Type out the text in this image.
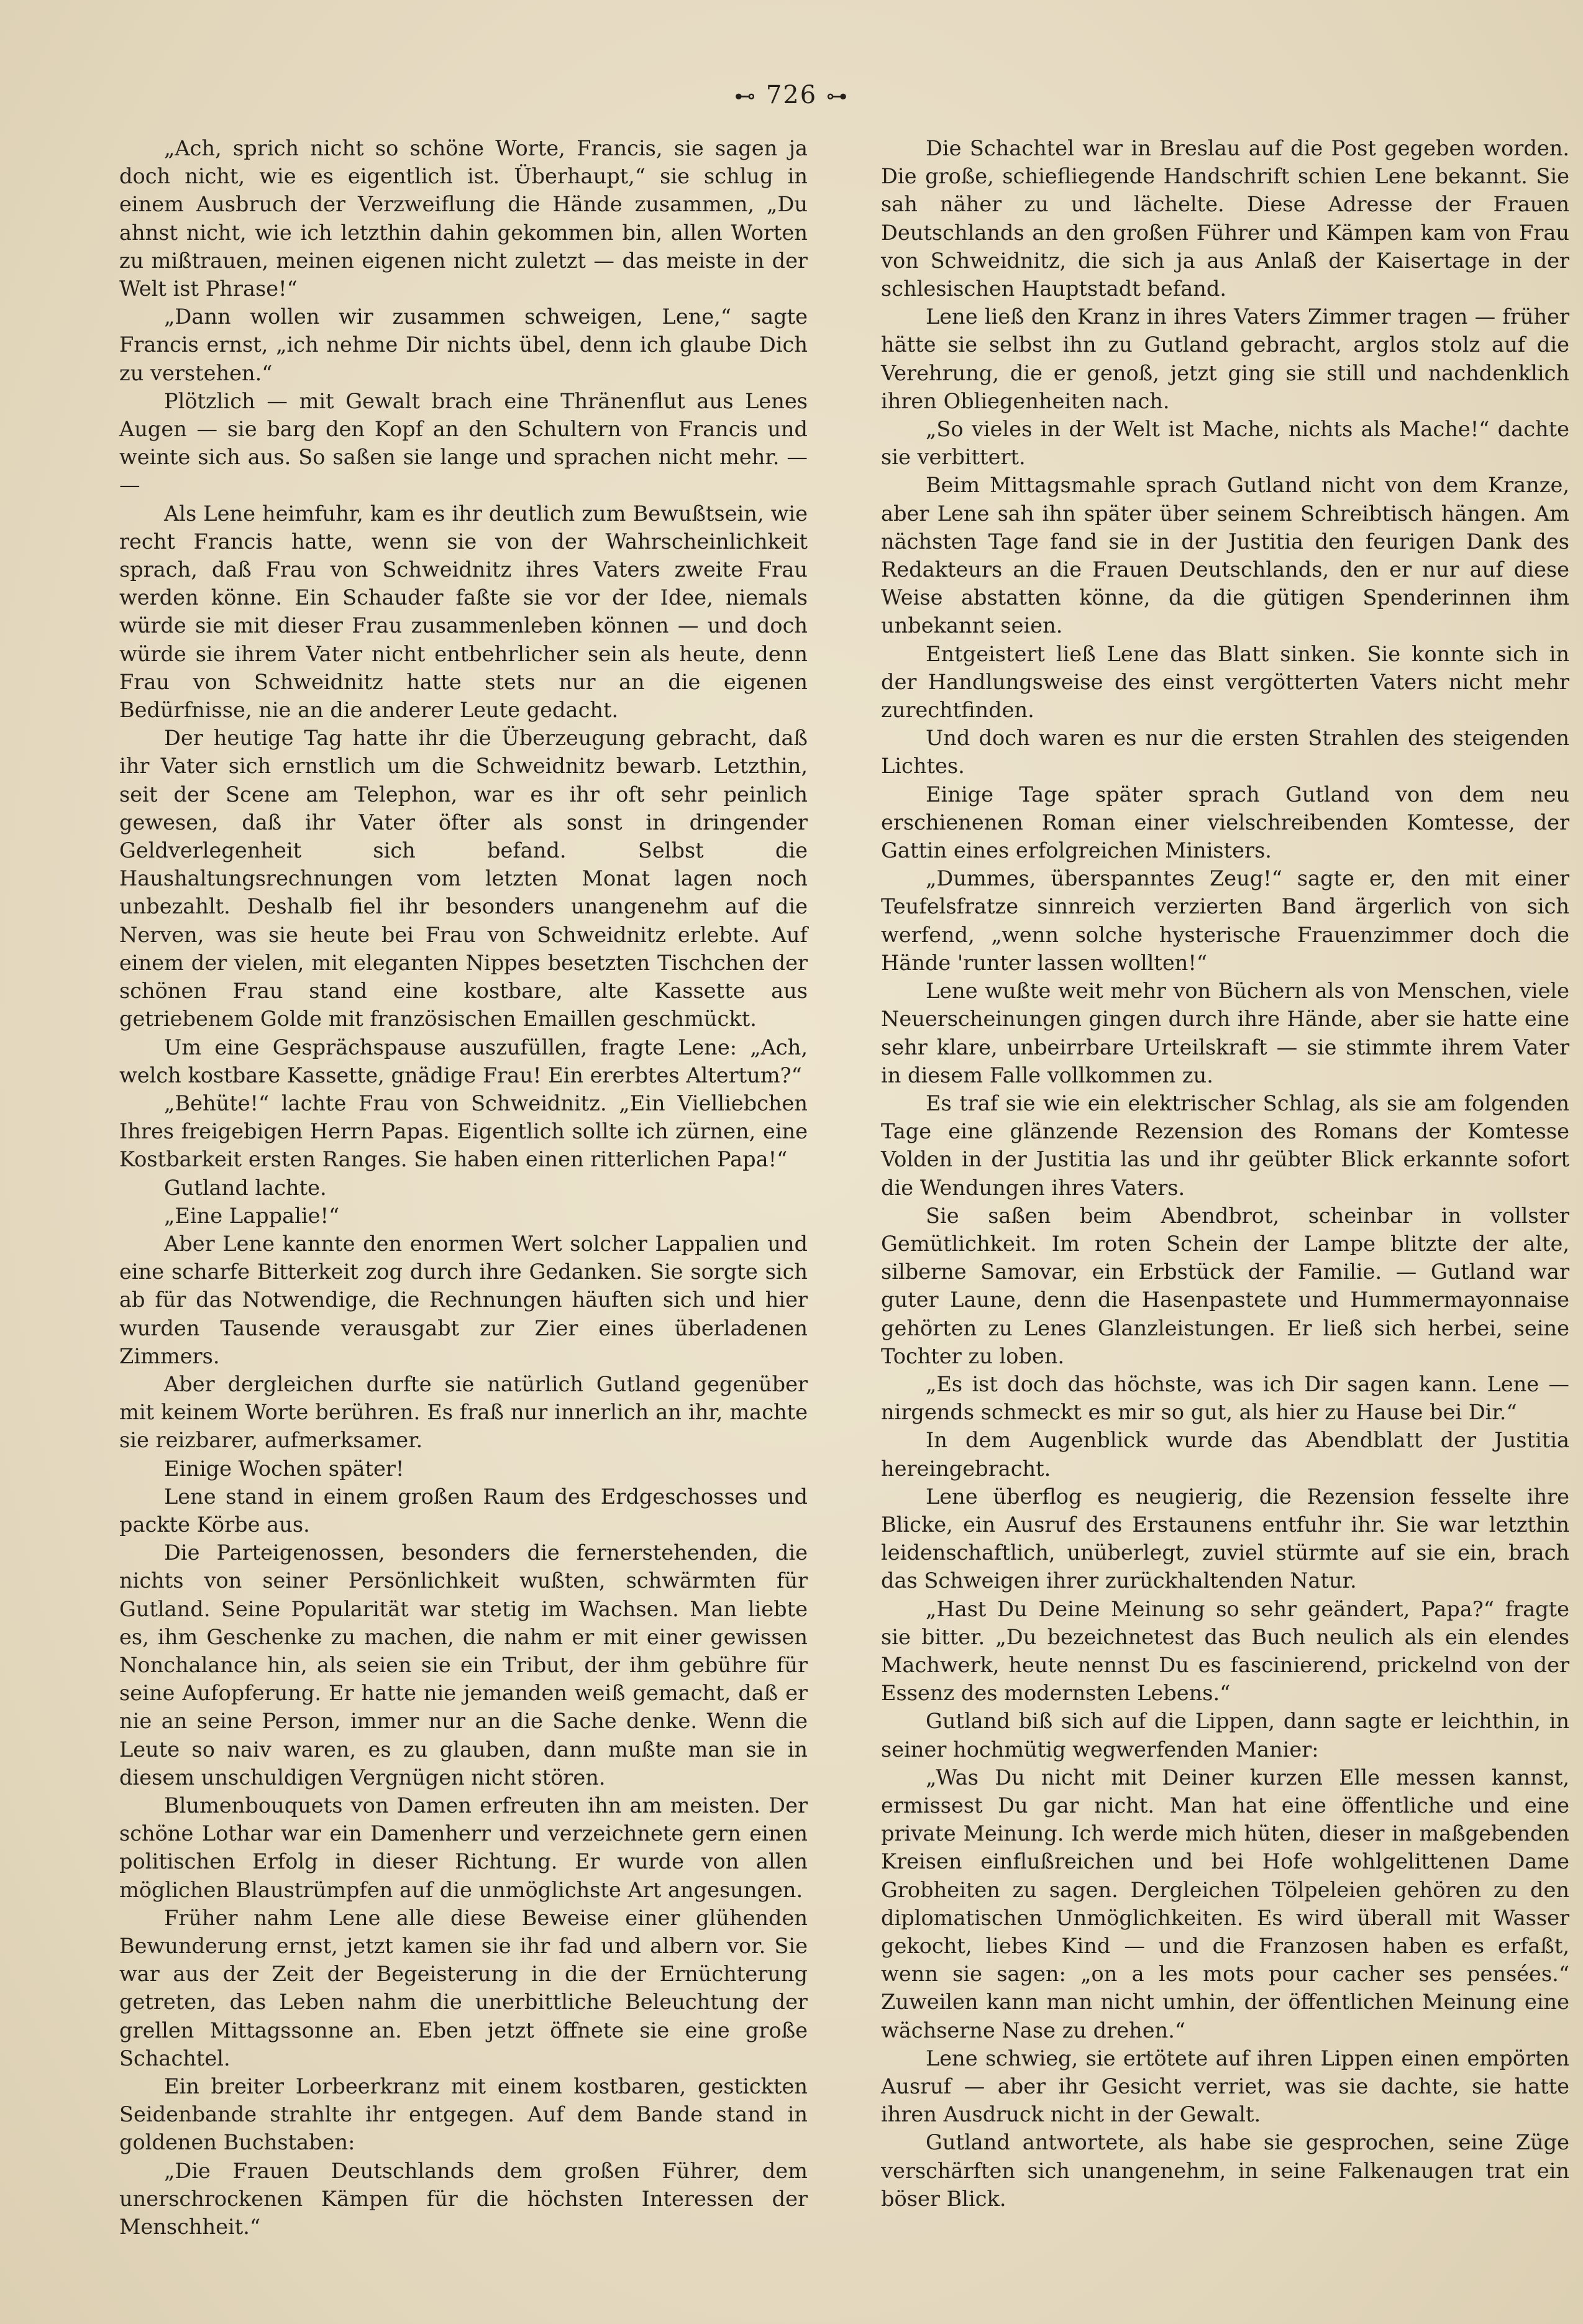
⊷ 726 ⊶

„Ach, sprich nicht so schöne Worte, Francis, sie sagen ja doch nicht, wie es eigentlich ist. Überhaupt,“ sie schlug in einem Ausbruch der Verzweiflung die Hände zusammen, „Du ahnst nicht, wie ich letzthin dahin gekommen bin, allen Worten zu mißtrauen, meinen eigenen nicht zuletzt — das meiste in der Welt ist Phrase!“

„Dann wollen wir zusammen schweigen, Lene,“ sagte Francis ernst, „ich nehme Dir nichts übel, denn ich glaube Dich zu verstehen.“

Plötzlich — mit Gewalt brach eine Thränenflut aus Lenes Augen — sie barg den Kopf an den Schultern von Francis und weinte sich aus. So saßen sie lange und sprachen nicht mehr. — —

Als Lene heimfuhr, kam es ihr deutlich zum Bewußtsein, wie recht Francis hatte, wenn sie von der Wahrscheinlichkeit sprach, daß Frau von Schweidnitz ihres Vaters zweite Frau werden könne. Ein Schauder faßte sie vor der Idee, niemals würde sie mit dieser Frau zusammenleben können — und doch würde sie ihrem Vater nicht entbehrlicher sein als heute, denn Frau von Schweidnitz hatte stets nur an die eigenen Bedürfnisse, nie an die anderer Leute gedacht.

Der heutige Tag hatte ihr die Überzeugung gebracht, daß ihr Vater sich ernstlich um die Schweidnitz bewarb. Letzthin, seit der Scene am Telephon, war es ihr oft sehr peinlich gewesen, daß ihr Vater öfter als sonst in dringender Geldverlegenheit sich befand. Selbst die Haushaltungsrechnungen vom letzten Monat lagen noch unbezahlt. Deshalb fiel ihr besonders unangenehm auf die Nerven, was sie heute bei Frau von Schweidnitz erlebte. Auf einem der vielen, mit eleganten Nippes besetzten Tischchen der schönen Frau stand eine kostbare, alte Kassette aus getriebenem Golde mit französischen Emaillen geschmückt.

Um eine Gesprächspause auszufüllen, fragte Lene: „Ach, welch kostbare Kassette, gnädige Frau! Ein ererbtes Altertum?“

„Behüte!“ lachte Frau von Schweidnitz. „Ein Vielliebchen Ihres freigebigen Herrn Papas. Eigentlich sollte ich zürnen, eine Kostbarkeit ersten Ranges. Sie haben einen ritterlichen Papa!“

Gutland lachte.

„Eine Lappalie!“

Aber Lene kannte den enormen Wert solcher Lappalien und eine scharfe Bitterkeit zog durch ihre Gedanken. Sie sorgte sich ab für das Notwendige, die Rechnungen häuften sich und hier wurden Tausende verausgabt zur Zier eines überladenen Zimmers.

Aber dergleichen durfte sie natürlich Gutland gegenüber mit keinem Worte berühren. Es fraß nur innerlich an ihr, machte sie reizbarer, aufmerksamer.

Einige Wochen später!

Lene stand in einem großen Raum des Erdgeschosses und packte Körbe aus.

Die Parteigenossen, besonders die fernerstehenden, die nichts von seiner Persönlichkeit wußten, schwärmten für Gutland. Seine Popularität war stetig im Wachsen. Man liebte es, ihm Geschenke zu machen, die nahm er mit einer gewissen Nonchalance hin, als seien sie ein Tribut, der ihm gebühre für seine Aufopferung. Er hatte nie jemanden weiß gemacht, daß er nie an seine Person, immer nur an die Sache denke. Wenn die Leute so naiv waren, es zu glauben, dann mußte man sie in diesem unschuldigen Vergnügen nicht stören.

Blumenbouquets von Damen erfreuten ihn am meisten. Der schöne Lothar war ein Damenherr und verzeichnete gern einen politischen Erfolg in dieser Richtung. Er wurde von allen möglichen Blaustrümpfen auf die unmöglichste Art angesungen.

Früher nahm Lene alle diese Beweise einer glühenden Bewunderung ernst, jetzt kamen sie ihr fad und albern vor. Sie war aus der Zeit der Begeisterung in die der Ernüchterung getreten, das Leben nahm die unerbittliche Beleuchtung der grellen Mittagssonne an. Eben jetzt öffnete sie eine große Schachtel.

Ein breiter Lorbeerkranz mit einem kostbaren, gestickten Seidenbande strahlte ihr entgegen. Auf dem Bande stand in goldenen Buchstaben:

„Die Frauen Deutschlands dem großen Führer, dem unerschrockenen Kämpen für die höchsten Interessen der Menschheit.“

Die Schachtel war in Breslau auf die Post gegeben worden. Die große, schiefliegende Handschrift schien Lene bekannt. Sie sah näher zu und lächelte. Diese Adresse der Frauen Deutschlands an den großen Führer und Kämpen kam von Frau von Schweidnitz, die sich ja aus Anlaß der Kaisertage in der schlesischen Hauptstadt befand.

Lene ließ den Kranz in ihres Vaters Zimmer tragen — früher hätte sie selbst ihn zu Gutland gebracht, arglos stolz auf die Verehrung, die er genoß, jetzt ging sie still und nachdenklich ihren Obliegenheiten nach.

„So vieles in der Welt ist Mache, nichts als Mache!“ dachte sie verbittert.

Beim Mittagsmahle sprach Gutland nicht von dem Kranze, aber Lene sah ihn später über seinem Schreibtisch hängen. Am nächsten Tage fand sie in der Justitia den feurigen Dank des Redakteurs an die Frauen Deutschlands, den er nur auf diese Weise abstatten könne, da die gütigen Spenderinnen ihm unbekannt seien.

Entgeistert ließ Lene das Blatt sinken. Sie konnte sich in der Handlungsweise des einst vergötterten Vaters nicht mehr zurechtfinden.

Und doch waren es nur die ersten Strahlen des steigenden Lichtes.

Einige Tage später sprach Gutland von dem neu erschienenen Roman einer vielschreibenden Komtesse, der Gattin eines erfolgreichen Ministers.

„Dummes, überspanntes Zeug!“ sagte er, den mit einer Teufelsfratze sinnreich verzierten Band ärgerlich von sich werfend, „wenn solche hysterische Frauenzimmer doch die Hände 'runter lassen wollten!“

Lene wußte weit mehr von Büchern als von Menschen, viele Neuerscheinungen gingen durch ihre Hände, aber sie hatte eine sehr klare, unbeirrbare Urteilskraft — sie stimmte ihrem Vater in diesem Falle vollkommen zu.

Es traf sie wie ein elektrischer Schlag, als sie am folgenden Tage eine glänzende Rezension des Romans der Komtesse Volden in der Justitia las und ihr geübter Blick erkannte sofort die Wendungen ihres Vaters.

Sie saßen beim Abendbrot, scheinbar in vollster Gemütlichkeit. Im roten Schein der Lampe blitzte der alte, silberne Samovar, ein Erbstück der Familie. — Gutland war guter Laune, denn die Hasenpastete und Hummermayonnaise gehörten zu Lenes Glanzleistungen. Er ließ sich herbei, seine Tochter zu loben.

„Es ist doch das höchste, was ich Dir sagen kann. Lene — nirgends schmeckt es mir so gut, als hier zu Hause bei Dir.“

In dem Augenblick wurde das Abendblatt der Justitia hereingebracht.

Lene überflog es neugierig, die Rezension fesselte ihre Blicke, ein Ausruf des Erstaunens entfuhr ihr. Sie war letzthin leidenschaftlich, unüberlegt, zuviel stürmte auf sie ein, brach das Schweigen ihrer zurückhaltenden Natur.

„Hast Du Deine Meinung so sehr geändert, Papa?“ fragte sie bitter. „Du bezeichnetest das Buch neulich als ein elendes Machwerk, heute nennst Du es fascinierend, prickelnd von der Essenz des modernsten Lebens.“

Gutland biß sich auf die Lippen, dann sagte er leichthin, in seiner hochmütig wegwerfenden Manier:

„Was Du nicht mit Deiner kurzen Elle messen kannst, ermissest Du gar nicht. Man hat eine öffentliche und eine private Meinung. Ich werde mich hüten, dieser in maßgebenden Kreisen einflußreichen und bei Hofe wohlgelittenen Dame Grobheiten zu sagen. Dergleichen Tölpeleien gehören zu den diplomatischen Unmöglichkeiten. Es wird überall mit Wasser gekocht, liebes Kind — und die Franzosen haben es erfaßt, wenn sie sagen: „on a les mots pour cacher ses pensées.“ Zuweilen kann man nicht umhin, der öffentlichen Meinung eine wächserne Nase zu drehen.“

Lene schwieg, sie ertötete auf ihren Lippen einen empörten Ausruf — aber ihr Gesicht verriet, was sie dachte, sie hatte ihren Ausdruck nicht in der Gewalt.

Gutland antwortete, als habe sie gesprochen, seine Züge verschärften sich unangenehm, in seine Falkenaugen trat ein böser Blick.
